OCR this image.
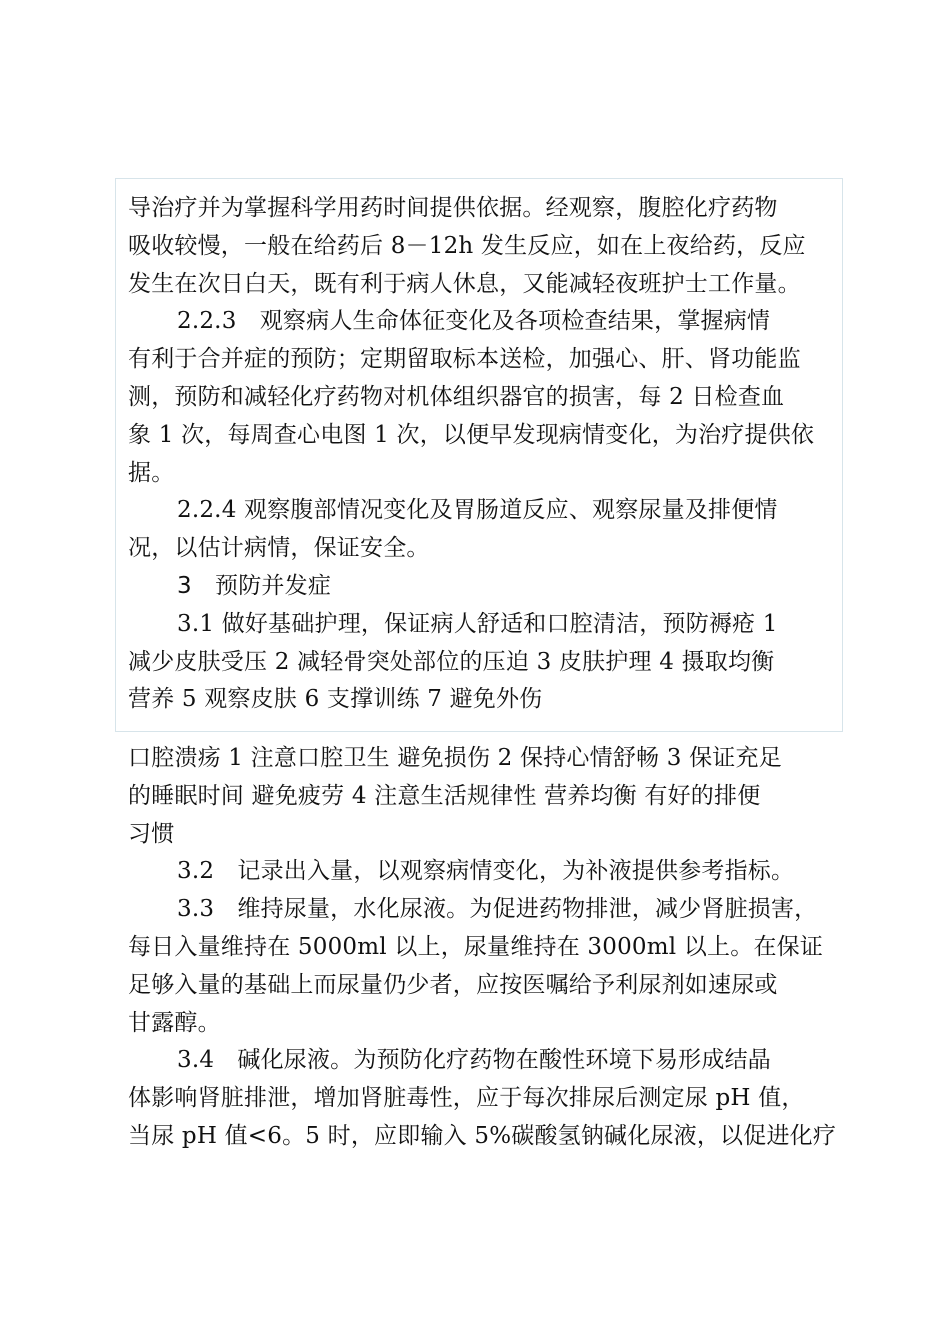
导治疗并为掌握科学用药时间提供依据。经观察，腹腔化疗药物
吸收较慢，一般在给药后 8－12h 发生反应，如在上夜给药，反应
发生在次日白天，既有利于病人休息，又能减轻夜班护士工作量。
2.2.3　观察病人生命体征变化及各项检查结果，掌握病情
有利于合并症的预防；定期留取标本送检，加强心、肝、肾功能监
测，预防和减轻化疗药物对机体组织器官的损害，每 2 日检查血
象 1 次，每周查心电图 1 次，以便早发现病情变化，为治疗提供依
据。
2.2.4 观察腹部情况变化及胃肠道反应、观察尿量及排便情
况，以估计病情，保证安全。
3　预防并发症
3.1 做好基础护理，保证病人舒适和口腔清洁，预防褥疮 1
减少皮肤受压 2 减轻骨突处部位的压迫 3 皮肤护理 4 摄取均衡
营养 5 观察皮肤 6 支撑训练 7 避免外伤
口腔溃疡 1 注意口腔卫生 避免损伤 2 保持心情舒畅 3 保证充足
的睡眠时间 避免疲劳 4 注意生活规律性 营养均衡 有好的排便
习惯
3.2　记录出入量，以观察病情变化，为补液提供参考指标。
3.3　维持尿量，水化尿液。为促进药物排泄，减少肾脏损害，
每日入量维持在 5000ml 以上，尿量维持在 3000ml 以上。在保证
足够入量的基础上而尿量仍少者，应按医嘱给予利尿剂如速尿或
甘露醇。
3.4　碱化尿液。为预防化疗药物在酸性环境下易形成结晶
体影响肾脏排泄，增加肾脏毒性，应于每次排尿后测定尿 pH 值，
当尿 pH 值<6。5 时，应即输入 5%碳酸氢钠碱化尿液，以促进化疗
